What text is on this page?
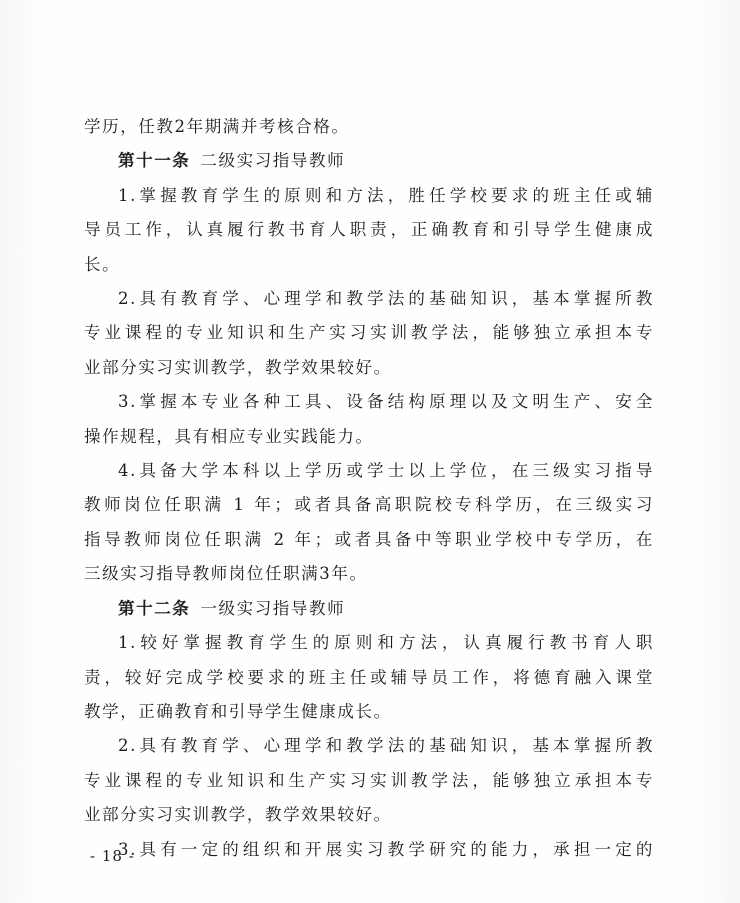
学历，任教2年期满并考核合格。
第十一条 二级实习指导教师
1.掌握教育学生的原则和方法，胜任学校要求的班主任或辅
导员工作，认真履行教书育人职责，正确教育和引导学生健康成
长。
2.具有教育学、心理学和教学法的基础知识，基本掌握所教
专业课程的专业知识和生产实习实训教学法，能够独立承担本专
业部分实习实训教学，教学效果较好。
3.掌握本专业各种工具、设备结构原理以及文明生产、安全
操作规程，具有相应专业实践能力。
4.具备大学本科以上学历或学士以上学位，在三级实习指导
教师岗位任职满 1 年；或者具备高职院校专科学历，在三级实习
指导教师岗位任职满 2 年；或者具备中等职业学校中专学历，在
三级实习指导教师岗位任职满3年。
第十二条 一级实习指导教师
1.较好掌握教育学生的原则和方法，认真履行教书育人职
责，较好完成学校要求的班主任或辅导员工作，将德育融入课堂
教学，正确教育和引导学生健康成长。
2.具有教育学、心理学和教学法的基础知识，基本掌握所教
专业课程的专业知识和生产实习实训教学法，能够独立承担本专
业部分实习实训教学，教学效果较好。
3.具有一定的组织和开展实习教学研究的能力，承担一定的
- 18 -
